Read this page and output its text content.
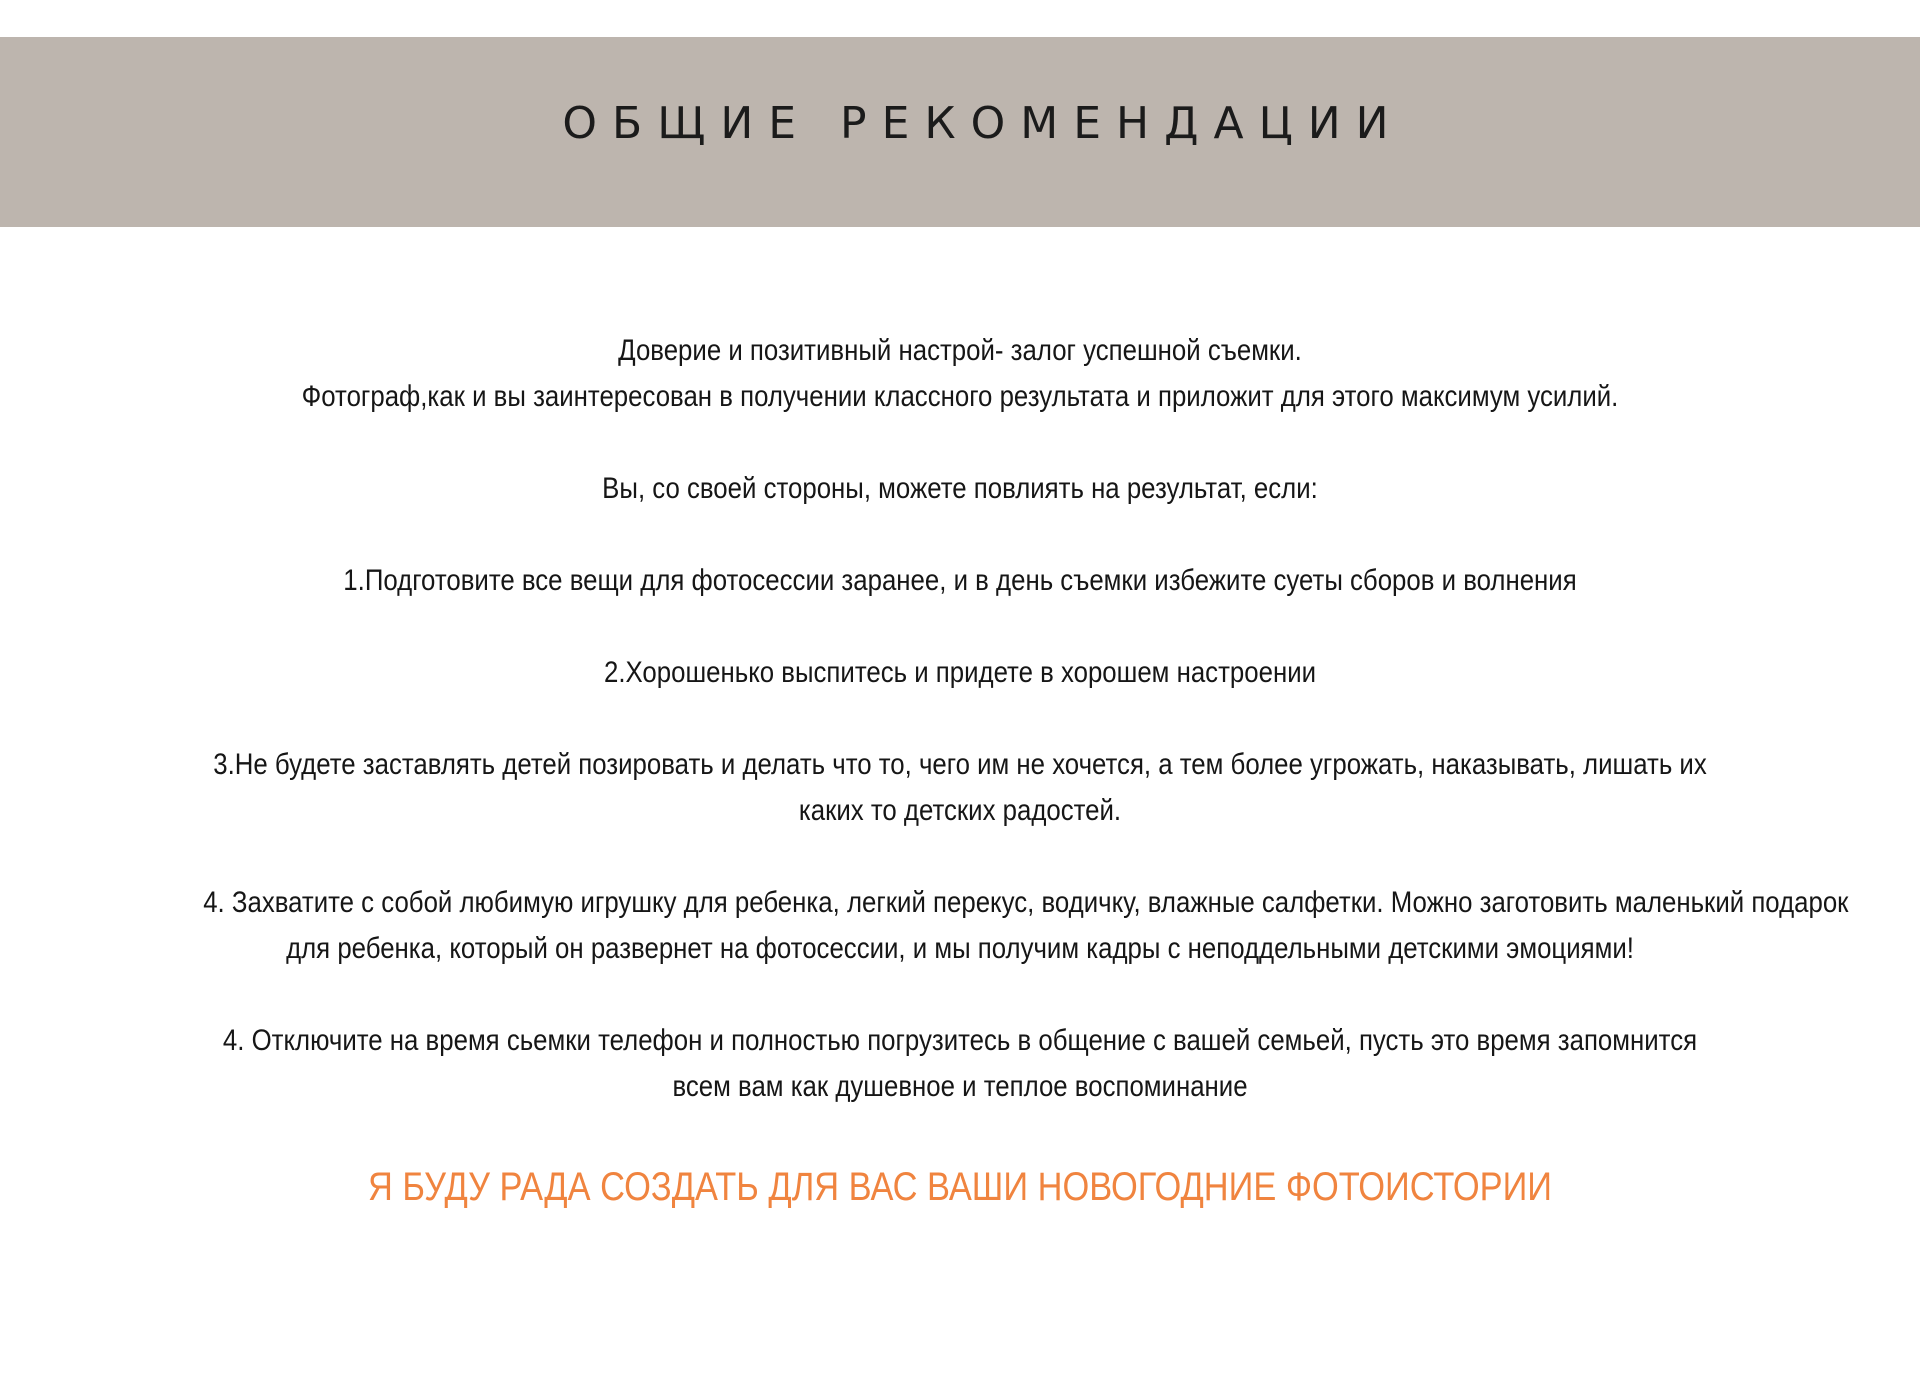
ОБЩИЕ РЕКОМЕНДАЦИИ

Доверие и позитивный настрой- залог успешной съемки.

Фотограф,как и вы заинтересован в получении классного результата и приложит для этого максимум усилий.

Вы, со своей стороны, можете повлиять на результат, если:

1.Подготовите все вещи для фотосессии заранее, и в день съемки избежите суеты сборов и волнения

2.Хорошенько выспитесь и придете в хорошем настроении

3.Не будете заставлять детей позировать и делать что то, чего им не хочется, а тем более угрожать, наказывать, лишать их

каких то детских радостей.

4. Захватите с собой любимую игрушку для ребенка, легкий перекус, водичку, влажные салфетки. Можно заготовить маленький подарок

для ребенка, который он развернет на фотосессии, и мы получим кадры с неподдельными детскими эмоциями!

4. Отключите на время сьемки телефон и полностью погрузитесь в общение с вашей семьей, пусть это время запомнится

всем вам как душевное и теплое воспоминание

Я БУДУ РАДА СОЗДАТЬ ДЛЯ ВАС ВАШИ НОВОГОДНИЕ ФОТОИСТОРИИ
